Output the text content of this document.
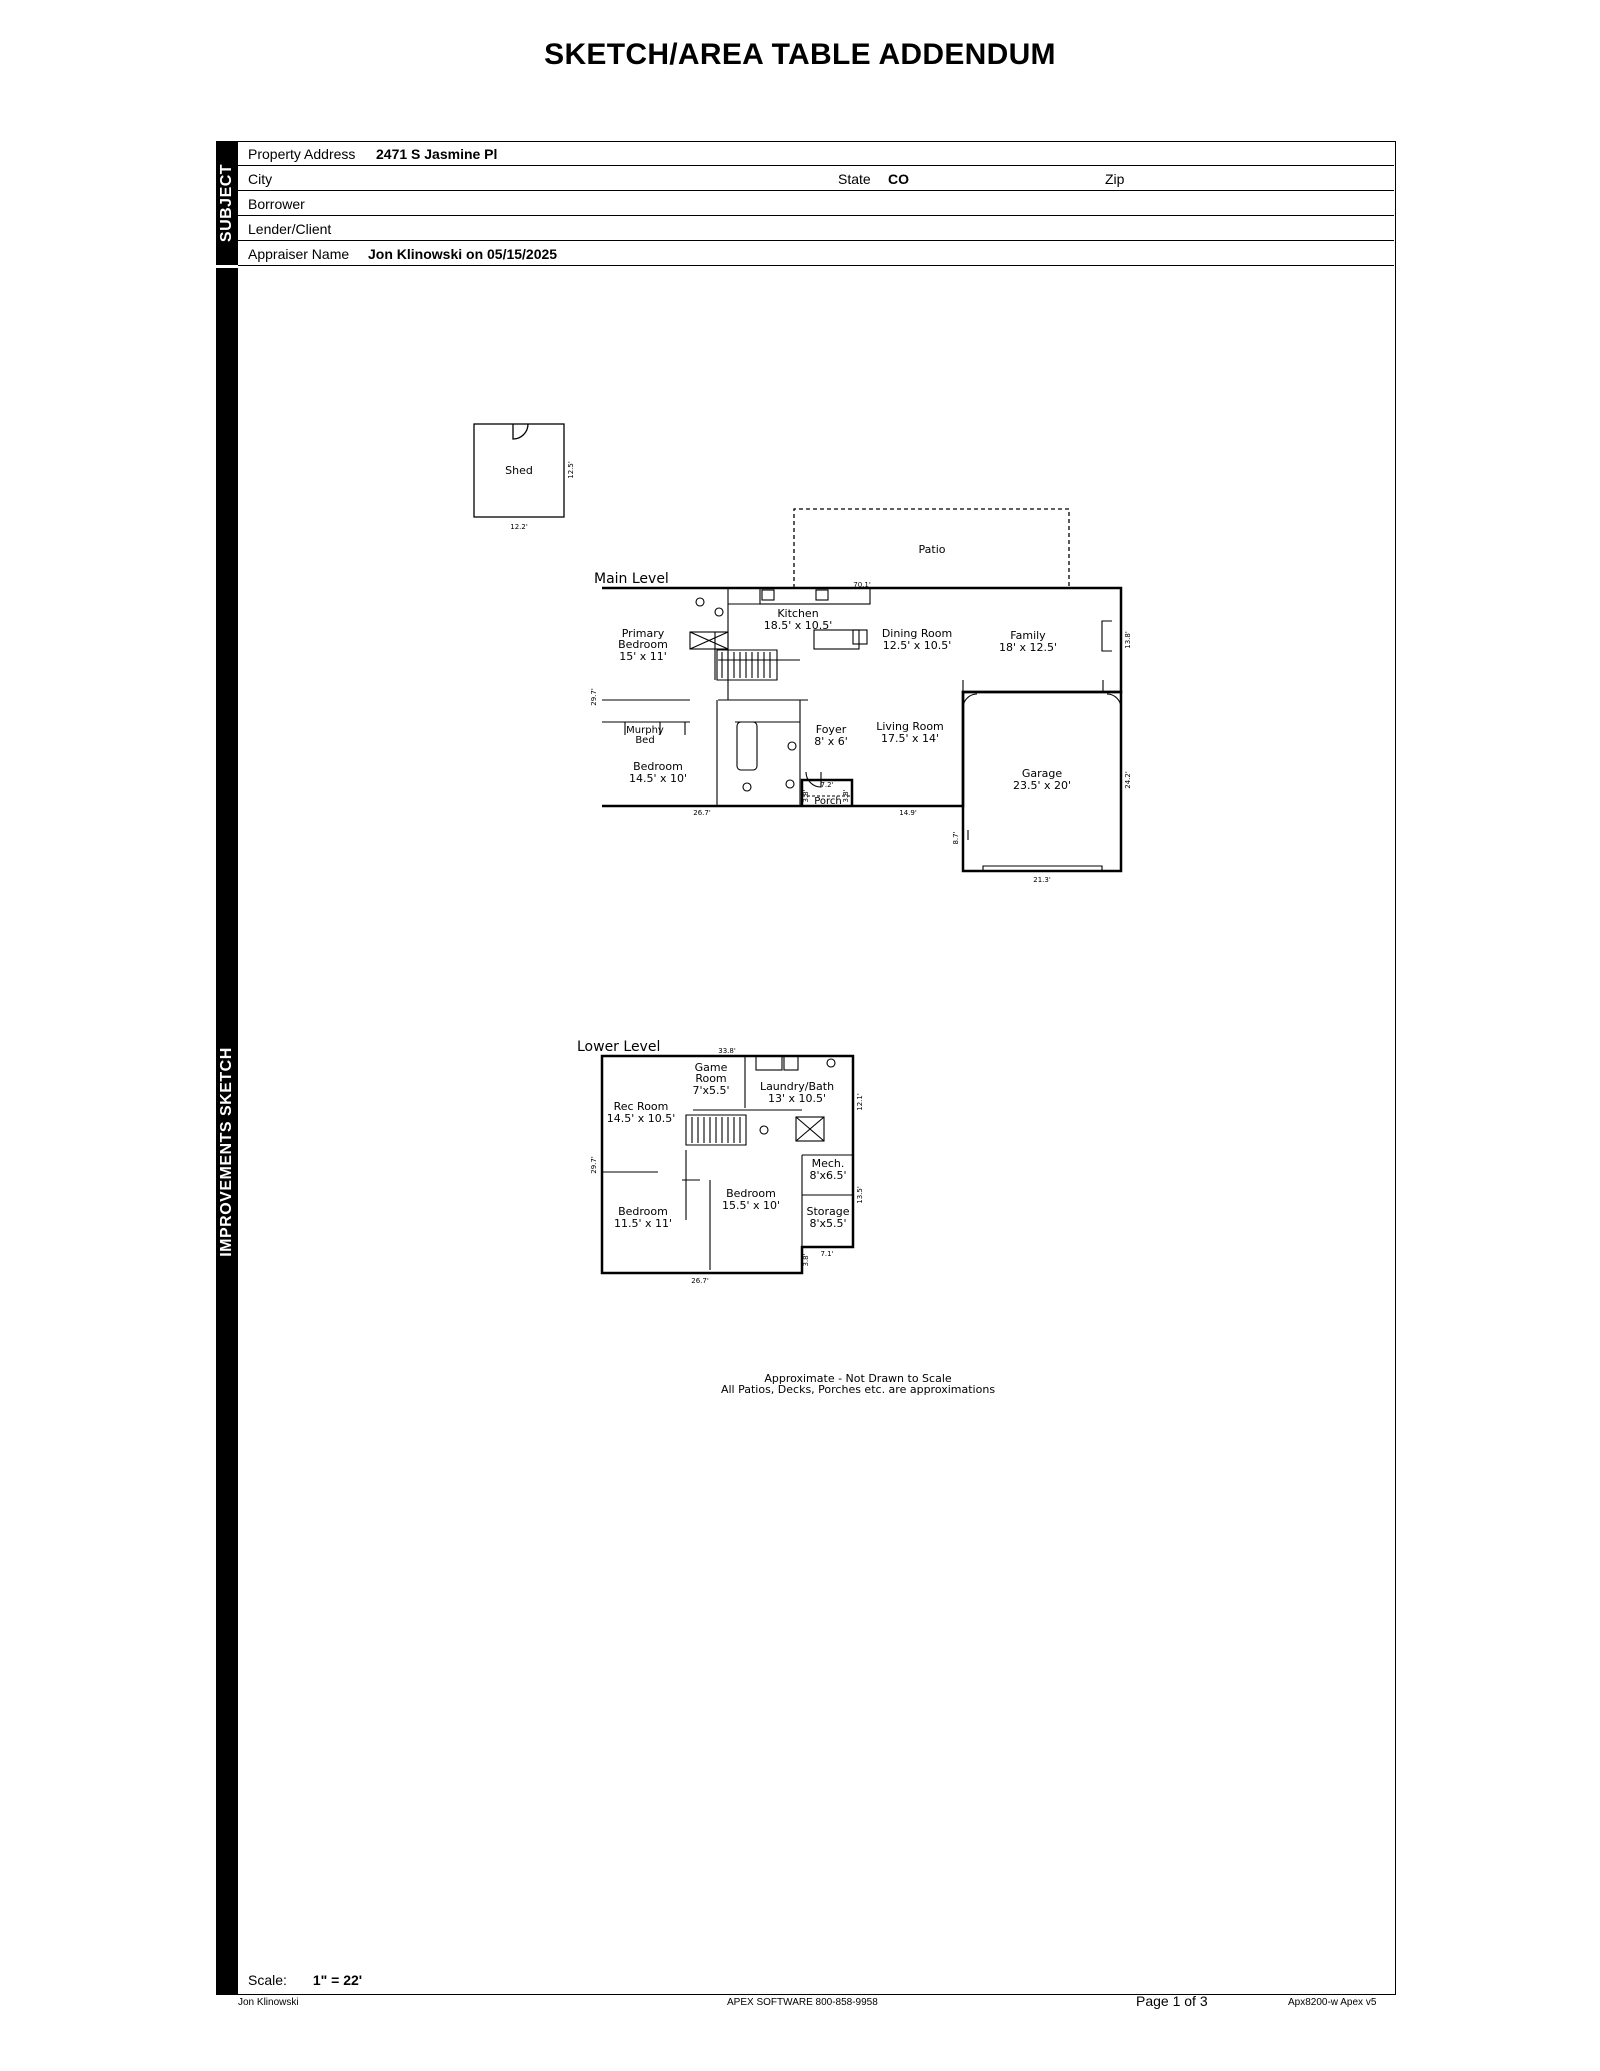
SKETCH/AREA TABLE ADDENDUM
SUBJECT
IMPROVEMENTS SKETCH
Property Address 2471 S Jasmine Pl
City	State CO	Zip
Borrower
Lender/Client
Appraiser Name Jon Klinowski on 05/15/2025
Shed
12.2'
12.5'
Patio
Main Level	70.1'
Kitchen
18.5' x 10.5'
Dining Room
12.5' x 10.5'
Family
18' x 12.5'
Primary
Bedroom
15' x 11'
Murphy
Bed
Bedroom
14.5' x 10'
Foyer
8' x 6'
Living Room
17.5' x 14'
Porch
Garage
23.5' x 20'
29.7'
26.7'	14.9'
13.8'
7.2'
3.8'	3.8'
24.2'
8.7'
21.3'
Lower Level	33.8'
Game
Room
7'x5.5'	Laundry/Bath
13' x 10.5'
Rec Room
14.5' x 10.5'
Mech.
8'x6.5'
Bedroom
11.5' x 11'
Bedroom
15.5' x 10' Storage
8'x5.5'
29.7'
26.7'
12.1'
13.5'
7.1'
3.8'
Approximate - Not Drawn to Scale
All Patios, Decks, Porches etc. are approximations
Scale: 1" = 22'
Jon Klinowski	APEX SOFTWARE 800-858-9958	Page 1 of 3	Apx8200-w Apex v5
